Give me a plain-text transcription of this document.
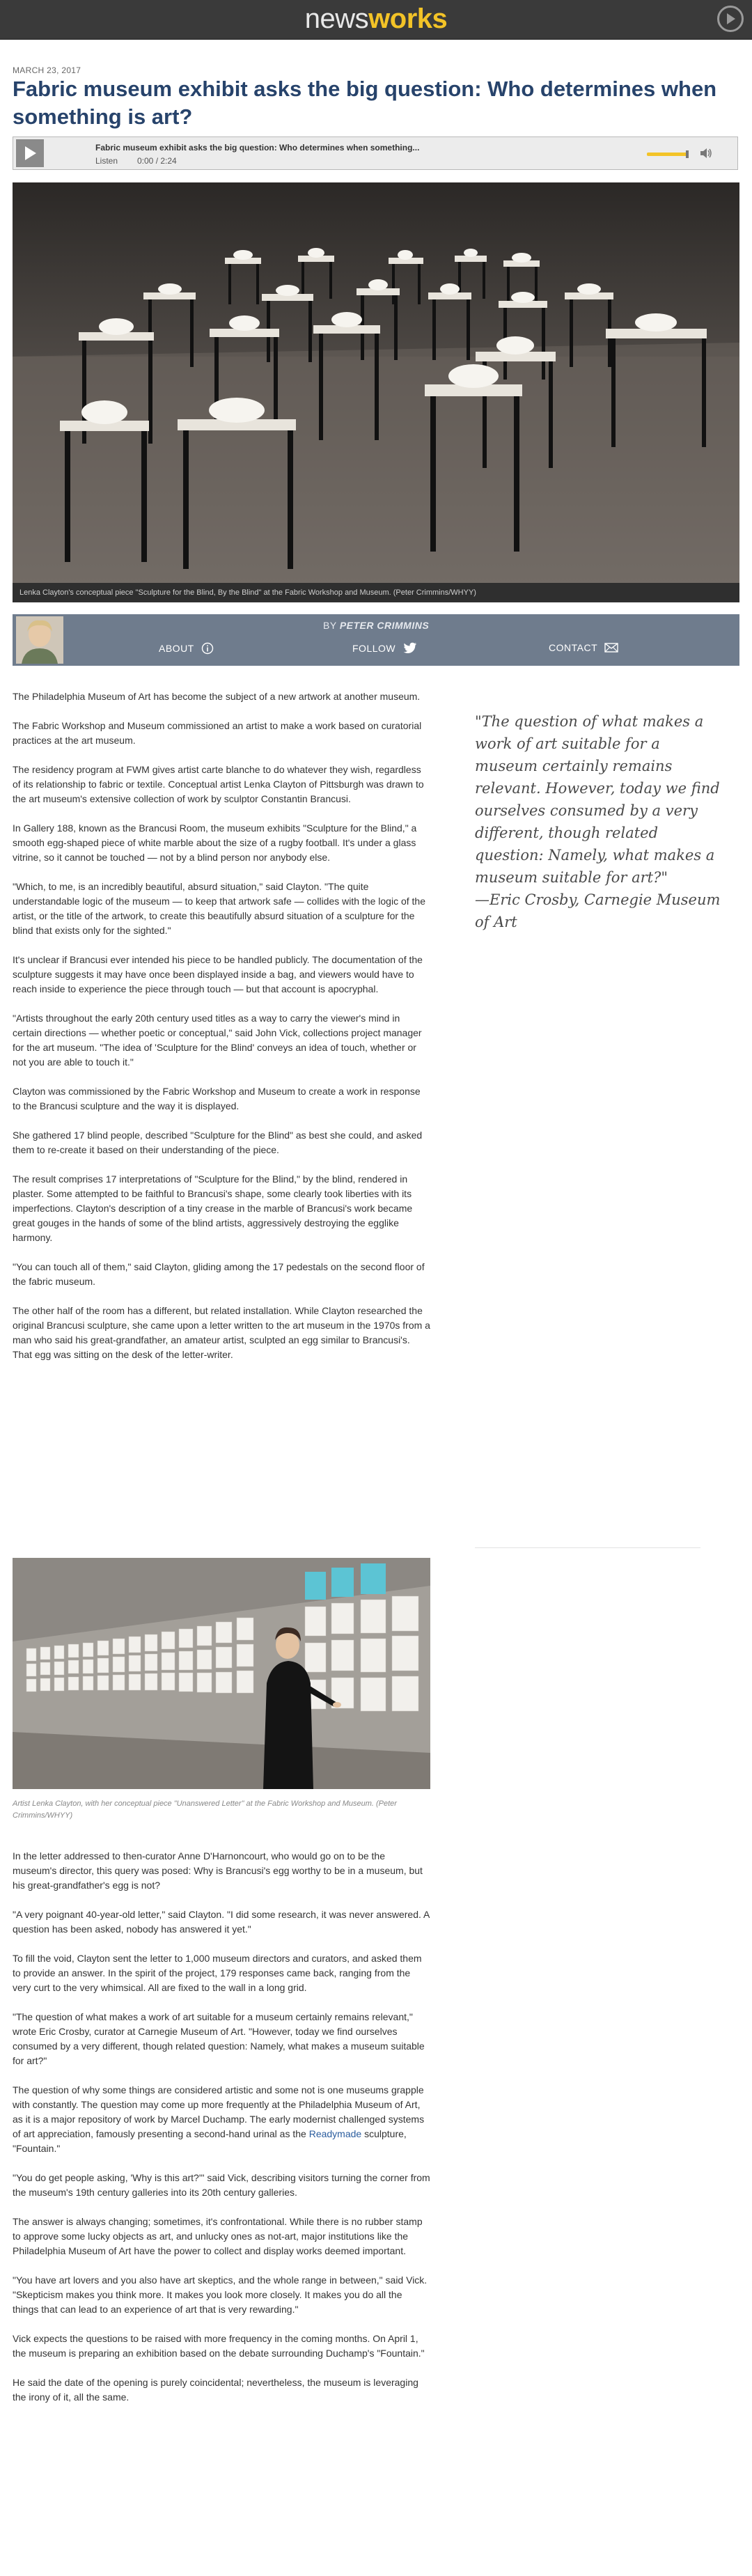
newsworks
MARCH 23, 2017
Fabric museum exhibit asks the big question: Who determines when something is art?
Fabric museum exhibit asks the big question: Who determines when something...
Listen 0:00 / 2:24
Lenka Clayton's conceptual piece "Sculpture for the Blind, By the Blind" at the Fabric Workshop and Museum. (Peter Crimmins/WHYY)
BY PETER CRIMMINS
ABOUT	FOLLOW	CONTACT
"The question of what makes a work of art suitable for a museum certainly remains relevant. However, today we find ourselves consumed by a very different, though related question: Namely, what makes a museum suitable for art?"
—Eric Crosby, Carnegie Museum of Art

The Philadelphia Museum of Art has become the subject of a new artwork at another museum.

The Fabric Workshop and Museum commissioned an artist to make a work based on curatorial practices at the art museum.

The residency program at FWM gives artist carte blanche to do whatever they wish, regardless of its relationship to fabric or textile. Conceptual artist Lenka Clayton of Pittsburgh was drawn to the art museum's extensive collection of work by sculptor Constantin Brancusi.

In Gallery 188, known as the Brancusi Room, the museum exhibits "Sculpture for the Blind," a smooth egg-shaped piece of white marble about the size of a rugby football. It's under a glass vitrine, so it cannot be touched — not by a blind person nor anybody else.

"Which, to me, is an incredibly beautiful, absurd situation," said Clayton. "The quite understandable logic of the museum — to keep that artwork safe — collides with the logic of the artist, or the title of the artwork, to create this beautifully absurd situation of a sculpture for the blind that exists only for the sighted."

It's unclear if Brancusi ever intended his piece to be handled publicly. The documentation of the sculpture suggests it may have once been displayed inside a bag, and viewers would have to reach inside to experience the piece through touch — but that account is apocryphal.

"Artists throughout the early 20th century used titles as a way to carry the viewer's mind in certain directions — whether poetic or conceptual," said John Vick, collections project manager for the art museum. "The idea of 'Sculpture for the Blind' conveys an idea of touch, whether or not you are able to touch it."

Clayton was commissioned by the Fabric Workshop and Museum to create a work in response to the Brancusi sculpture and the way it is displayed.

She gathered 17 blind people, described "Sculpture for the Blind" as best she could, and asked them to re-create it based on their understanding of the piece.

The result comprises 17 interpretations of "Sculpture for the Blind," by the blind, rendered in plaster. Some attempted to be faithful to Brancusi's shape, some clearly took liberties with its imperfections. Clayton's description of a tiny crease in the marble of Brancusi's work became great gouges in the hands of some of the blind artists, aggressively destroying the egglike harmony.

"You can touch all of them," said Clayton, gliding among the 17 pedestals on the second floor of the fabric museum.

The other half of the room has a different, but related installation. While Clayton researched the original Brancusi sculpture, she came upon a letter written to the art museum in the 1970s from a man who said his great-grandfather, an amateur artist, sculpted an egg similar to Brancusi's. That egg was sitting on the desk of the letter-writer.

Artist Lenka Clayton, with her conceptual piece "Unanswered Letter" at the Fabric Workshop and Museum. (Peter Crimmins/WHYY)

In the letter addressed to then-curator Anne D'Harnoncourt, who would go on to be the museum's director, this query was posed: Why is Brancusi's egg worthy to be in a museum, but his great-grandfather's egg is not?

"A very poignant 40-year-old letter," said Clayton. "I did some research, it was never answered. A question has been asked, nobody has answered it yet."

To fill the void, Clayton sent the letter to 1,000 museum directors and curators, and asked them to provide an answer. In the spirit of the project, 179 responses came back, ranging from the very curt to the very whimsical. All are fixed to the wall in a long grid.

"The question of what makes a work of art suitable for a museum certainly remains relevant," wrote Eric Crosby, curator at Carnegie Museum of Art. "However, today we find ourselves consumed by a very different, though related question: Namely, what makes a museum suitable for art?"

The question of why some things are considered artistic and some not is one museums grapple with constantly. The question may come up more frequently at the Philadelphia Museum of Art, as it is a major repository of work by Marcel Duchamp. The early modernist challenged systems of art appreciation, famously presenting a second-hand urinal as the Readymade sculpture, "Fountain."

"You do get people asking, 'Why is this art?'" said Vick, describing visitors turning the corner from the museum's 19th century galleries into its 20th century galleries.

The answer is always changing; sometimes, it's confrontational. While there is no rubber stamp to approve some lucky objects as art, and unlucky ones as not-art, major institutions like the Philadelphia Museum of Art have the power to collect and display works deemed important.

"You have art lovers and you also have art skeptics, and the whole range in between," said Vick. "Skepticism makes you think more. It makes you look more closely. It makes you do all the things that can lead to an experience of art that is very rewarding."

Vick expects the questions to be raised with more frequency in the coming months. On April 1, the museum is preparing an exhibition based on the debate surrounding Duchamp's "Fountain."

He said the date of the opening is purely coincidental; nevertheless, the museum is leveraging the irony of it, all the same.
